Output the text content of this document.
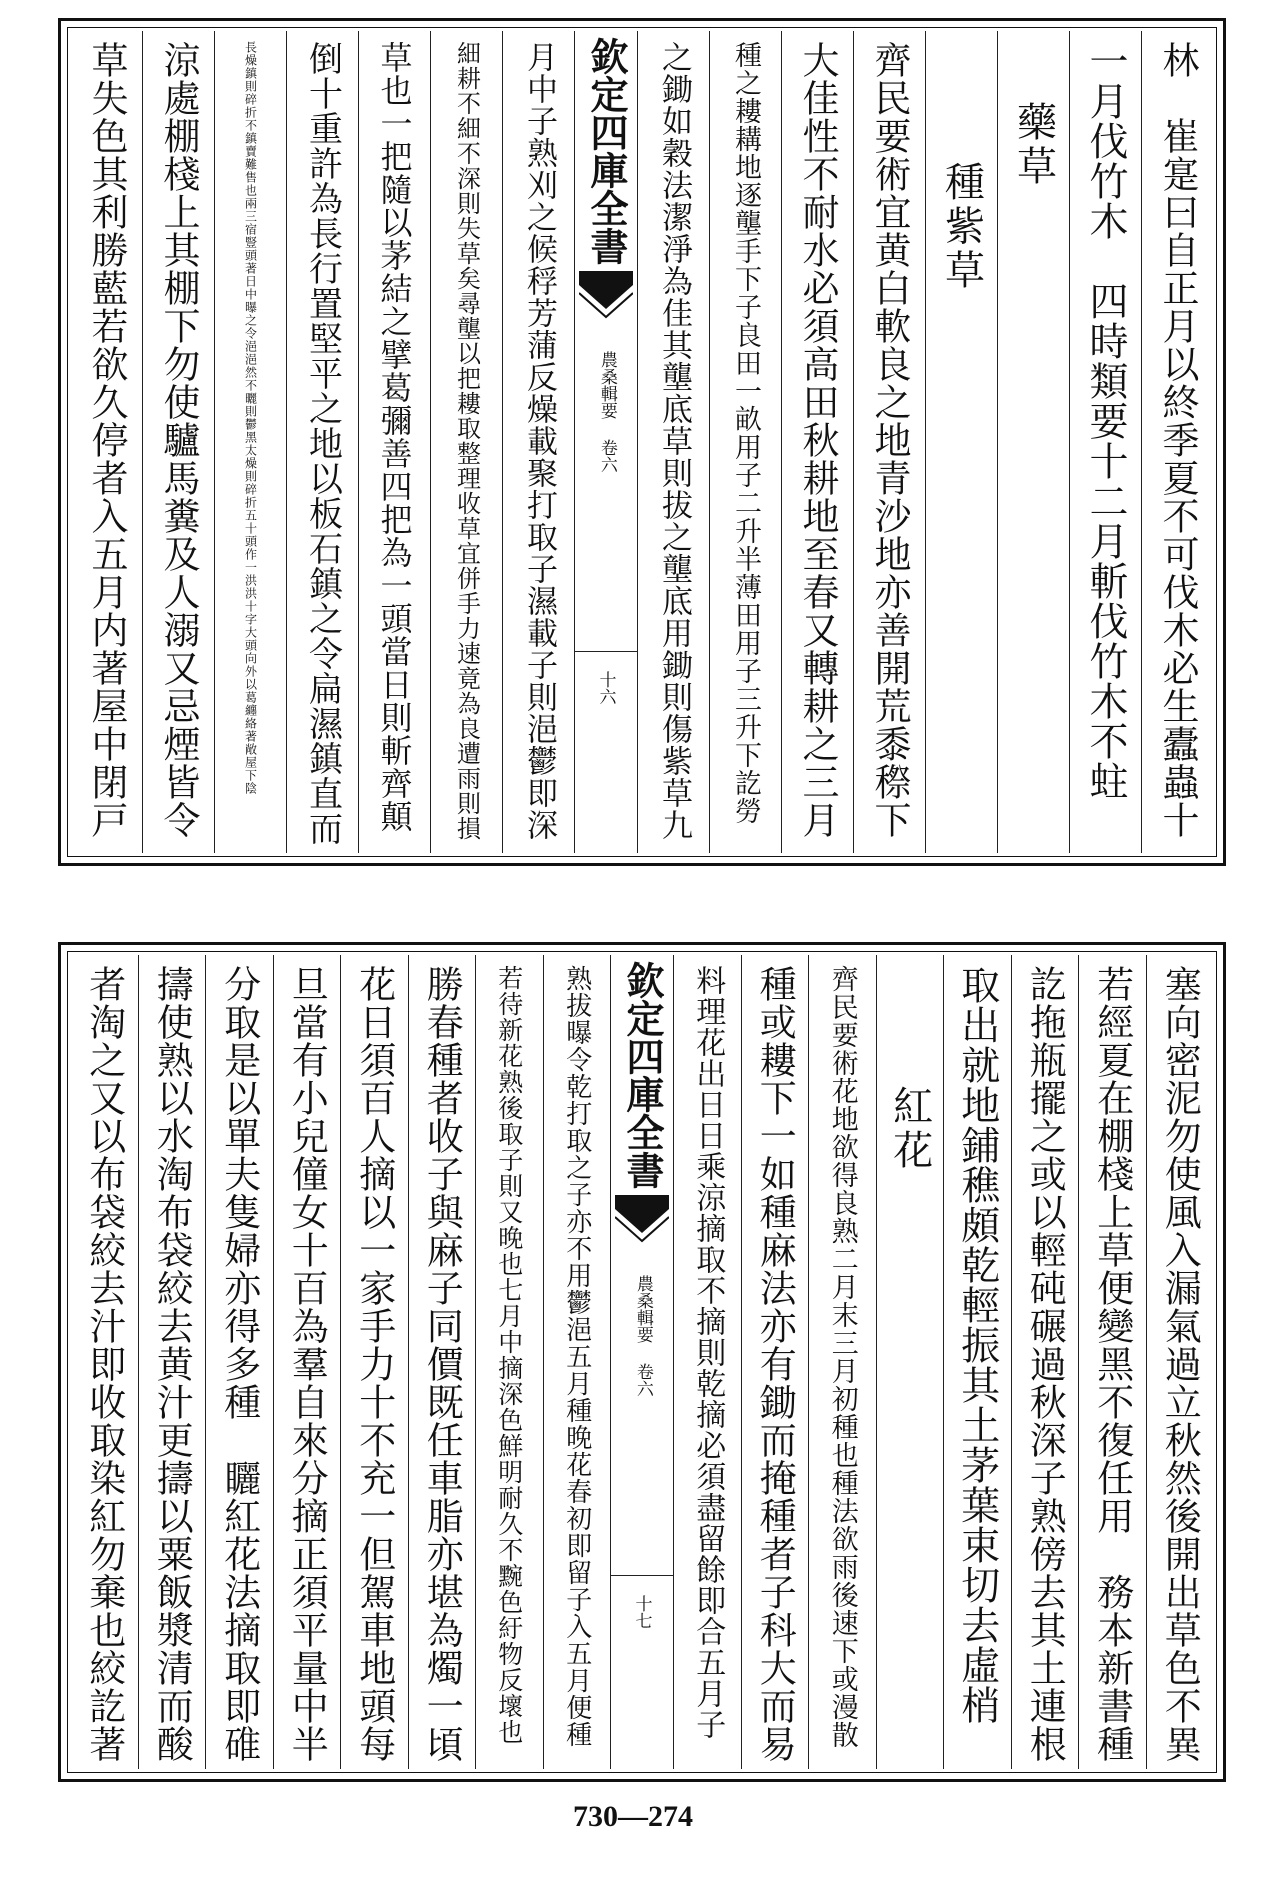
林　崔寔曰自正月以終季夏不可伐木必生蠹蟲十
一月伐竹木　四時類要十二月斬伐竹木不蛀
藥草
種紫草
齊民要術宜黄白軟良之地青沙地亦善開荒黍穄下
大佳性不耐水必須高田秋耕地至春又轉耕之三月
種之耬耩地逐壟手下子良田一畝用子二升半薄田用子三升下訖勞
之鋤如穀法潔淨為佳其壟底草則拔之壟底用鋤則傷紫草九
欽定四庫全書
農桑輯要 卷六
十六
月中子熟刈之候稃芳蒲反燥載聚打取子濕載子則浥鬱即深
細耕不細不深則失草矣尋壟以把耬取整理收草宜併手力速竟為良遭雨則損
草也一把隨以茅結之擘葛彌善四把為一頭當日則斬齊顛
倒十重許為長行置堅平之地以板石鎮之令扁濕鎮直而
長燥鎮則碎折不鎮賣難售也兩三宿豎頭著日中曝之令浥浥然不曬則鬱黑太燥則碎折五十頭作一洪洪十字大頭向外以葛纏絡著敞屋下陰
涼處棚棧上其棚下勿使驢馬糞及人溺又忌煙皆令
草失色其利勝藍若欲久停者入五月内著屋中閉戸
塞向密泥勿使風入漏氣過立秋然後開出草色不異
若經夏在棚棧上草便變黑不復任用　務本新書種
訖拖瓶擺之或以輕砘碾過秋深子熟傍去其土連根
取出就地鋪穛頗乾輕振其土茅葉束切去虛梢
紅花
齊民要術花地欲得良熟二月末三月初種也種法欲雨後速下或漫散
種或耬下一如種麻法亦有鋤而掩種者子科大而易
料理花出日日乘涼摘取不摘則乾摘必須盡留餘即合五月子
欽定四庫全書
農桑輯要 卷六
十七
熟拔曝令乾打取之子亦不用鬱浥五月種晚花春初即留子入五月便種
若待新花熟後取子則又晚也七月中摘深色鮮明耐久不黦色紆物反壞也
勝春種者收子與麻子同價既任車脂亦堪為燭一頃
花日須百人摘以一家手力十不充一但駕車地頭每
旦當有小兒僮女十百為羣自來分摘正須平量中半
分取是以單夫隻婦亦得多種　矖紅花法摘取即碓
擣使熟以水淘布袋絞去黄汁更擣以粟飯漿清而酸
者淘之又以布袋絞去汁即收取染紅勿棄也絞訖著
730—274
